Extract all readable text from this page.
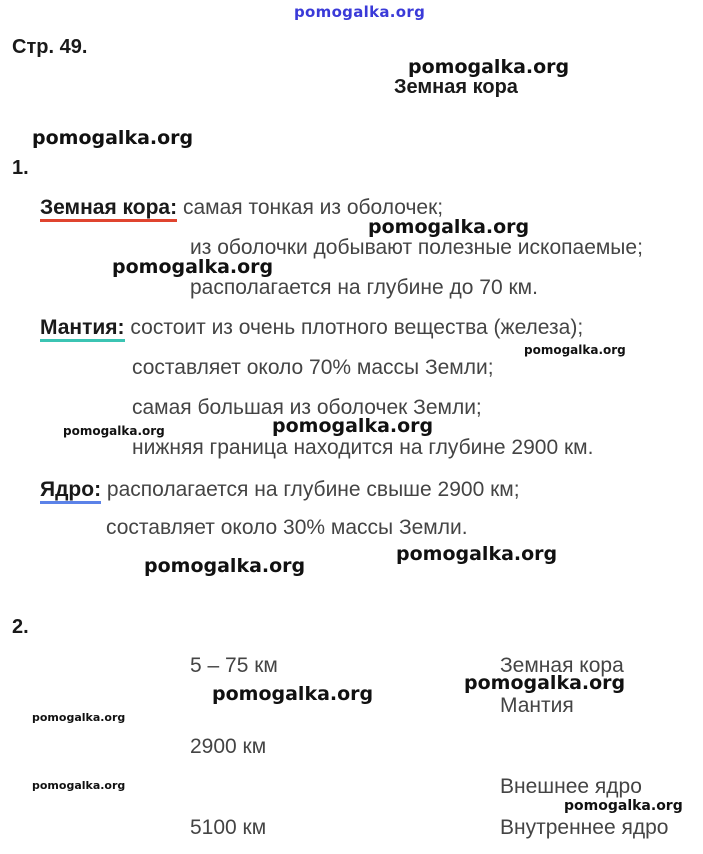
pomogalka.org
Стр. 49.
pomogalka.org
pomogalka.org
pomogalka.org
pomogalka.org
pomogalka.org
pomogalka.org
pomogalka.org
pomogalka.org	pomogalka.org
pomogalka.org
pomogalka.org
pomogalka.org
pomogalka.org
pomogalka.org
Земная кора
1.
Земная кора: самая тонкая из оболочек;
из оболочки добывают полезные ископаемые;
располагается на глубине до 70 км.
Мантия: состоит из очень плотного вещества (железа);
составляет около 70% массы Земли;
самая большая из оболочек Земли;
нижняя граница находится на глубине 2900 км.
Ядро: располагается на глубине свыше 2900 км;
составляет около 30% массы Земли.
2.
5 – 75 км
2900 км
5100 км
Земная кора
Мантия
Внешнее ядро
Внутреннее ядро
